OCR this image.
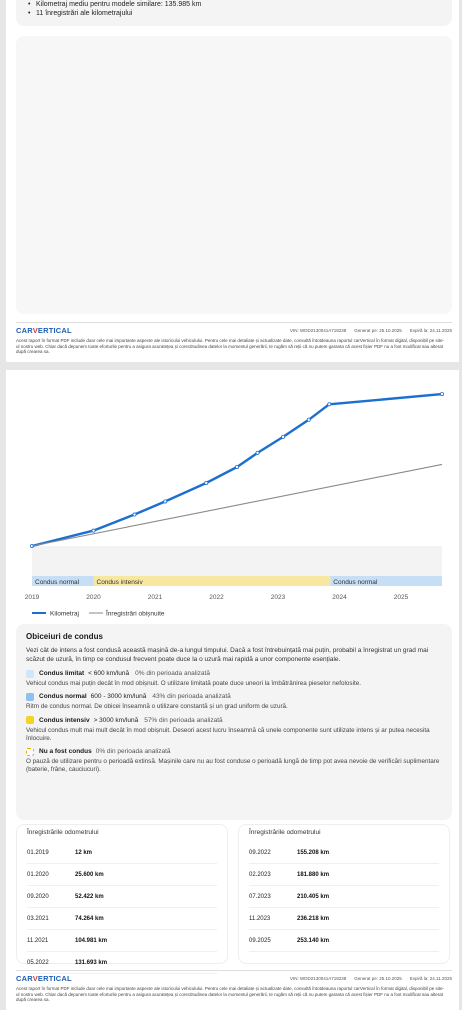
• Kilometraj mediu pentru modele similare: 135.985 km
• 11 înregistrări ale kilometrajului
CARVERTICAL	VIN: WDD2130041A718238 Generat pe: 25.10.2025 Expiră la: 24.11.2025
Acest raport în format PDF include doar cele mai importante aspecte ale istoricului vehiculului. Pentru cele mai detaliate și actualizate date, consultă întotdeauna raportul carVertical în format digital, disponibil pe site-ul nostru web. Chiar dacă depunem toate eforturile pentru a asigura acuratețea și corectitudinea datelor la momentul generării, te rugăm să reții că nu putem garanta că acest fișier PDF nu a fost modificat sau alterat după crearea sa.
Condus normal	Condus intensiv	Condus normal
2019	2020	2021	2022	2023	2024	2025
Kilometraj	Înregistrări obișnuite
Obiceiuri de condus
Vezi cât de intens a fost condusă această mașină de-a lungul timpului. Dacă a fost întrebuințată mai puțin, probabil a înregistrat un grad mai scăzut de uzură, în timp ce condusul frecvent poate duce la o uzură mai rapidă a unor componente esențiale.
Condus limitat < 600 km/lună 0% din perioada analizată
Vehicul condus mai puțin decât în mod obișnuit. O utilizare limitată poate duce uneori la îmbătrânirea pieselor nefolosite.
Condus normal 600 - 3000 km/lună 43% din perioada analizată
Ritm de condus normal. De obicei înseamnă o utilizare constantă și un grad uniform de uzură.
Condus intensiv > 3000 km/lună 57% din perioada analizată
Vehicul condus mult mai mult decât în mod obișnuit. Deseori acest lucru înseamnă că unele componente sunt utilizate intens și ar putea necesita înlocuire.
Nu a fost condus 0% din perioada analizată
O pauză de utilizare pentru o perioadă extinsă. Mașinile care nu au fost conduse o perioadă lungă de timp pot avea nevoie de verificări suplimentare (baterie, frâne, cauciucuri).
Înregistrările odometrului
01.2019	12 km
01.2020	25.600 km
09.2020	52.422 km
03.2021	74.264 km
11.2021	104.981 km
05.2022	131.693 km
Înregistrările odometrului
09.2022	155.208 km
02.2023	181.880 km
07.2023	210.405 km
11.2023	236.218 km
09.2025	253.140 km
CARVERTICAL	VIN: WDD2130041A718238 Generat pe: 25.10.2025 Expiră la: 24.11.2025
Acest raport în format PDF include doar cele mai importante aspecte ale istoricului vehiculului. Pentru cele mai detaliate și actualizate date, consultă întotdeauna raportul carVertical în format digital, disponibil pe site-ul nostru web. Chiar dacă depunem toate eforturile pentru a asigura acuratețea și corectitudinea datelor la momentul generării, te rugăm să reții că nu putem garanta că acest fișier PDF nu a fost modificat sau alterat după crearea sa.
